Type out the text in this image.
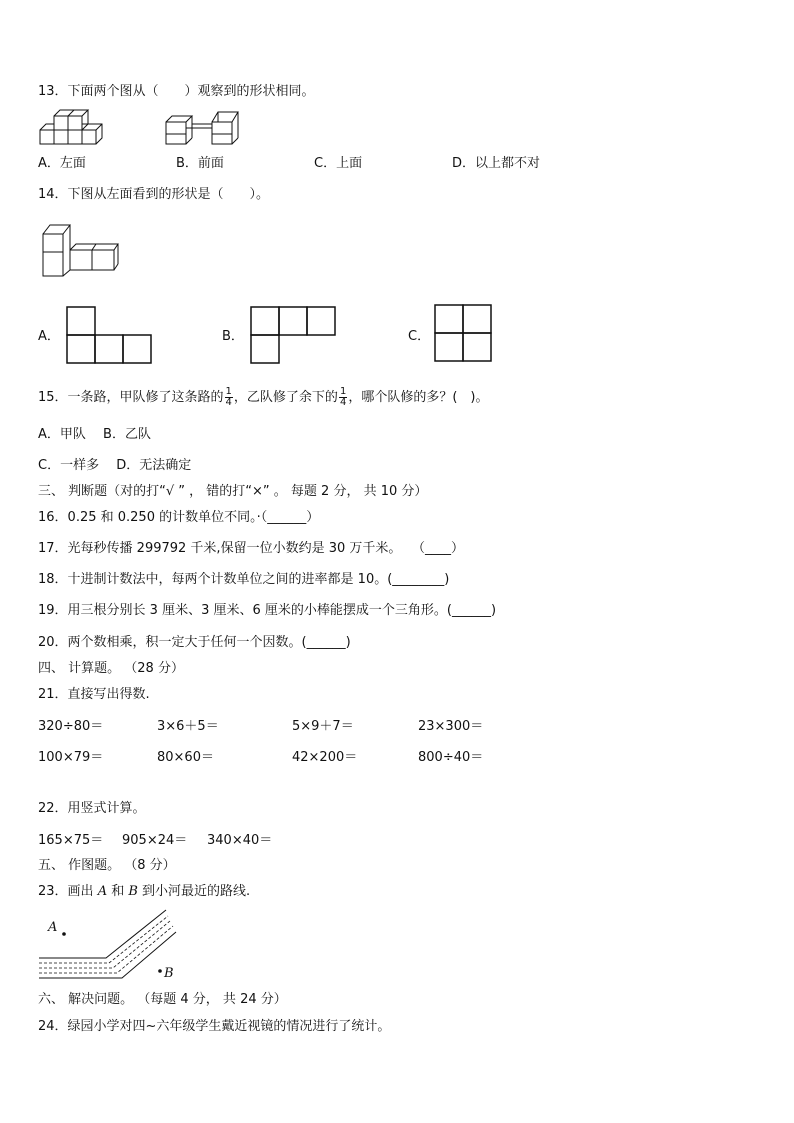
13．下面两个图从（　　）观察到的形状相同。
A．左面	B．前面	C．上面	D．以上都不对
14．下图从左面看到的形状是（　　）。
A．	B．	C．
15．一条路，甲队修了这条路的 $\frac{1}{4}$ ，乙队修了余下的 $\frac{1}{4}$ ，哪个队修的多？(　)。
A．甲队　 B．乙队
C．一样多　 D．无法确定
三、 判断题（对的打“√ ” ， 错的打“×” 。 每题 2 分， 共 10 分）
16．0.25 和 0.250 的计数单位不同。·（______）
17．光每秒传播 299792 千米,保留一位小数约是 30 万千米。　 （____）
18．十进制计数法中，每两个计数单位之间的进率都是 10。(________)
19．用三根分别长 3 厘米、3 厘米、6 厘米的小棒能摆成一个三角形。(______)
20．两个数相乘，积一定大于任何一个因数。(______)
四、 计算题。 （28 分）
21．直接写出得数.
320÷80＝	3×6＋5＝	5×9＋7＝	23×300＝
100×79＝	80×60＝	42×200＝	800÷40＝
22．用竖式计算。
165×75＝ 905×24＝ 340×40＝
五、 作图题。 （8 分）
23．画出 A 和 B 到小河最近的路线.
A
B
六、 解决问题。 （每题 4 分， 共 24 分）
24．绿园小学对四~六年级学生戴近视镜的情况进行了统计。
